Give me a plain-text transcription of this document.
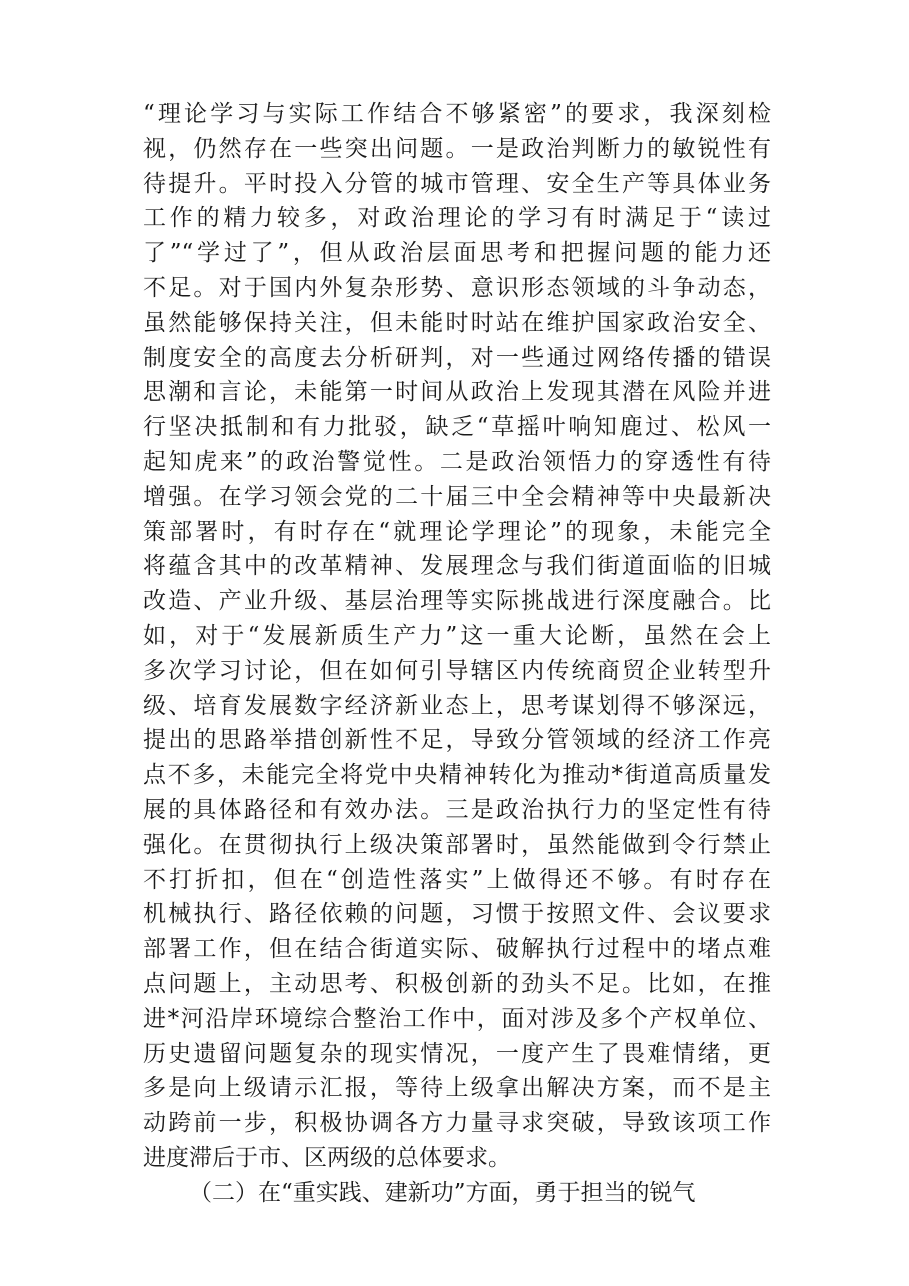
“理论学习与实际工作结合不够紧密”的要求，我深刻检
视，仍然存在一些突出问题。一是政治判断力的敏锐性有
待提升。平时投入分管的城市管理、安全生产等具体业务
工作的精力较多，对政治理论的学习有时满足于“读过
了”“学过了”，但从政治层面思考和把握问题的能力还
不足。对于国内外复杂形势、意识形态领域的斗争动态，
虽然能够保持关注，但未能时时站在维护国家政治安全、
制度安全的高度去分析研判，对一些通过网络传播的错误
思潮和言论，未能第一时间从政治上发现其潜在风险并进
行坚决抵制和有力批驳，缺乏“草摇叶响知鹿过、松风一
起知虎来”的政治警觉性。二是政治领悟力的穿透性有待
增强。在学习领会党的二十届三中全会精神等中央最新决
策部署时，有时存在“就理论学理论”的现象，未能完全
将蕴含其中的改革精神、发展理念与我们街道面临的旧城
改造、产业升级、基层治理等实际挑战进行深度融合。比
如，对于“发展新质生产力”这一重大论断，虽然在会上
多次学习讨论，但在如何引导辖区内传统商贸企业转型升
级、培育发展数字经济新业态上，思考谋划得不够深远，
提出的思路举措创新性不足，导致分管领域的经济工作亮
点不多，未能完全将党中央精神转化为推动*街道高质量发
展的具体路径和有效办法。三是政治执行力的坚定性有待
强化。在贯彻执行上级决策部署时，虽然能做到令行禁止
不打折扣，但在“创造性落实”上做得还不够。有时存在
机械执行、路径依赖的问题，习惯于按照文件、会议要求
部署工作，但在结合街道实际、破解执行过程中的堵点难
点问题上，主动思考、积极创新的劲头不足。比如，在推
进*河沿岸环境综合整治工作中，面对涉及多个产权单位、
历史遗留问题复杂的现实情况，一度产生了畏难情绪，更
多是向上级请示汇报，等待上级拿出解决方案，而不是主
动跨前一步，积极协调各方力量寻求突破，导致该项工作
进度滞后于市、区两级的总体要求。
（二）在“重实践、建新功”方面，勇于担当的锐气
